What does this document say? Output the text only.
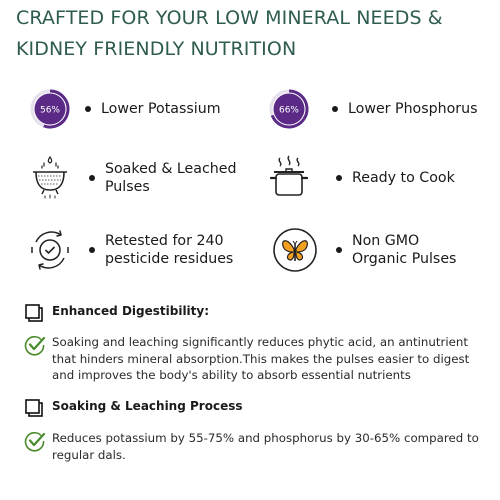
CRAFTED FOR YOUR LOW MINERAL NEEDS & KIDNEY FRIENDLY NUTRITION
56%	Lower Potassium	66%	Lower Phosphorus
Soaked & Leached Pulses
Ready to Cook
Retested for 240 pesticide residues
Non GMO Organic Pulses
Enhanced Digestibility:

Soaking and leaching significantly reduces phytic acid, an antinutrient that hinders mineral absorption.This makes the pulses easier to digest and improves the body's ability to absorb essential nutrients

Soaking & Leaching Process

Reduces potassium by 55-75% and phosphorus by 30-65% compared to regular dals.
